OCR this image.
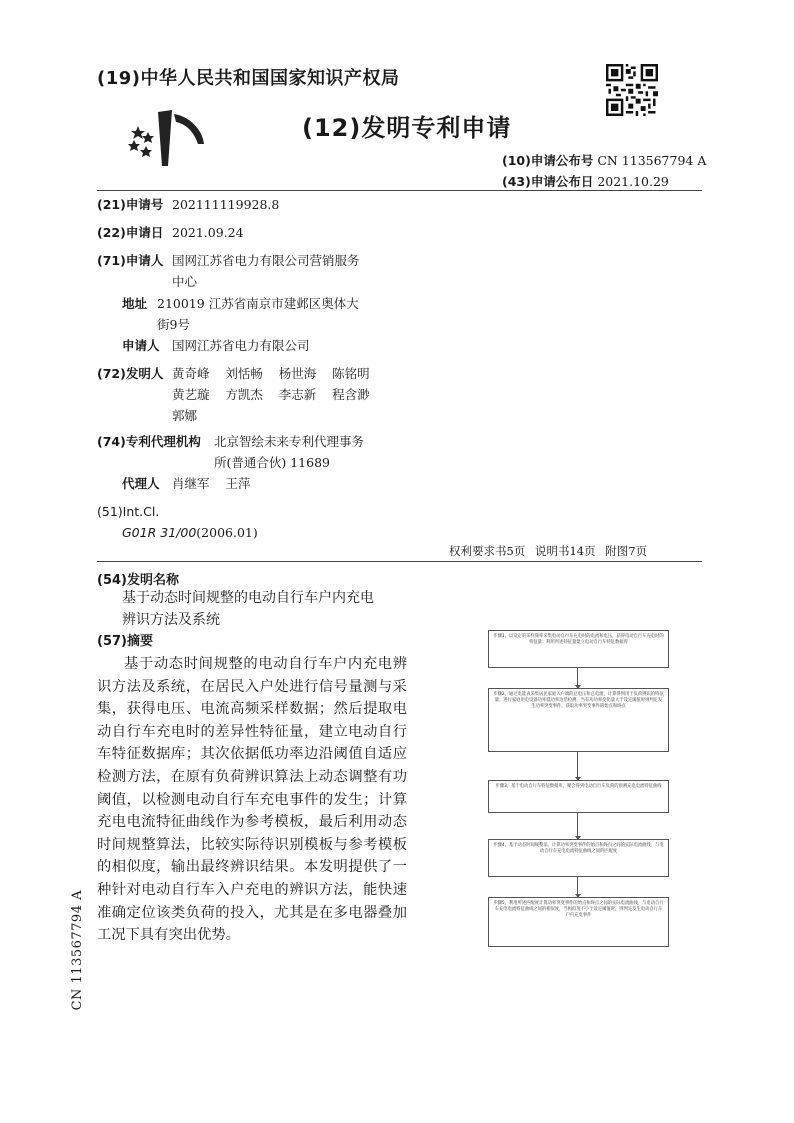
(19)中华人民共和国国家知识产权局
(12)发明专利申请
(10)申请公布号 CN 113567794 A
(43)申请公布日 2021.10.29
(21)申请号 202111119928.8
(22)申请日 2021.09.24
(71)申请人 国网江苏省电力有限公司营销服务
中心
地址 210019 江苏省南京市建邺区奥体大
街9号
申请人 国网江苏省电力有限公司
(72)发明人 黄奇峰    刘恬畅    杨世海    陈铭明
黄艺璇    方凯杰    李志新    程含渺
郭娜
(74)专利代理机构 北京智绘未来专利代理事务
所(普通合伙) 11689
代理人 肖继军    王萍
(51)Int.Cl.
G01R 31/00(2006.01)
权利要求书5页 说明书14页 附图7页
(54)发明名称
基于动态时间规整的电动自行车户内充电
辨识方法及系统
(57)摘要
基于动态时间规整的电动自行车户内充电辨识方法及系统，在居民入户处进行信号量测与采集，获得电压、电流高频采样数据；然后提取电动自行车充电时的差异性特征量，建立电动自行车特征数据库；其次依据低功率边沿阈值自适应检测方法，在原有负荷辨识算法上动态调整有功阈值，以检测电动自行车充电事件的发生；计算充电电流特征曲线作为参考模板，最后利用动态时间规整算法，比较实际待识别模板与参考模板的相似度，输出最终辨识结果。本发明提供了一种针对电动自行车入户充电的辨识方法，能快速准确定位该类负荷的投入，尤其是在多电器叠加工况下具有突出优势。
CN 113567794 A
步骤1，以设定的采样频率采集电动自行车充电时的电流和电压，获得电动自行车充电时的特征量；利用所述特征量建立电动自行车特征数据库
步骤2，通过电能表采集居民家庭入户端的总电压和总电流，计算得到用于负荷辨识的特征量；进行家庭用电设备功率低功率边沿检测，当有功功率变化量大于设定阈值时则判定发生功率突变事件，获取功率突变事件的始点和终点
步骤3，基于电动自行车特征数据库，聚合得到电动自行车负荷的预测充电电流特征曲线
步骤4，基于动态时间规整法，计算功率突变事件的始点和终点之间的实际电流曲线，与电动自行车充电电流特征曲线之间的匹配度
步骤5，利用所述匹配度计算功率突变事件的始点和终点之间的实际电流曲线，与电动自行车充电电流特征曲线之间的相似度，当相似度不小于设定阈值时，则判定发生电动自行车户内充电事件
